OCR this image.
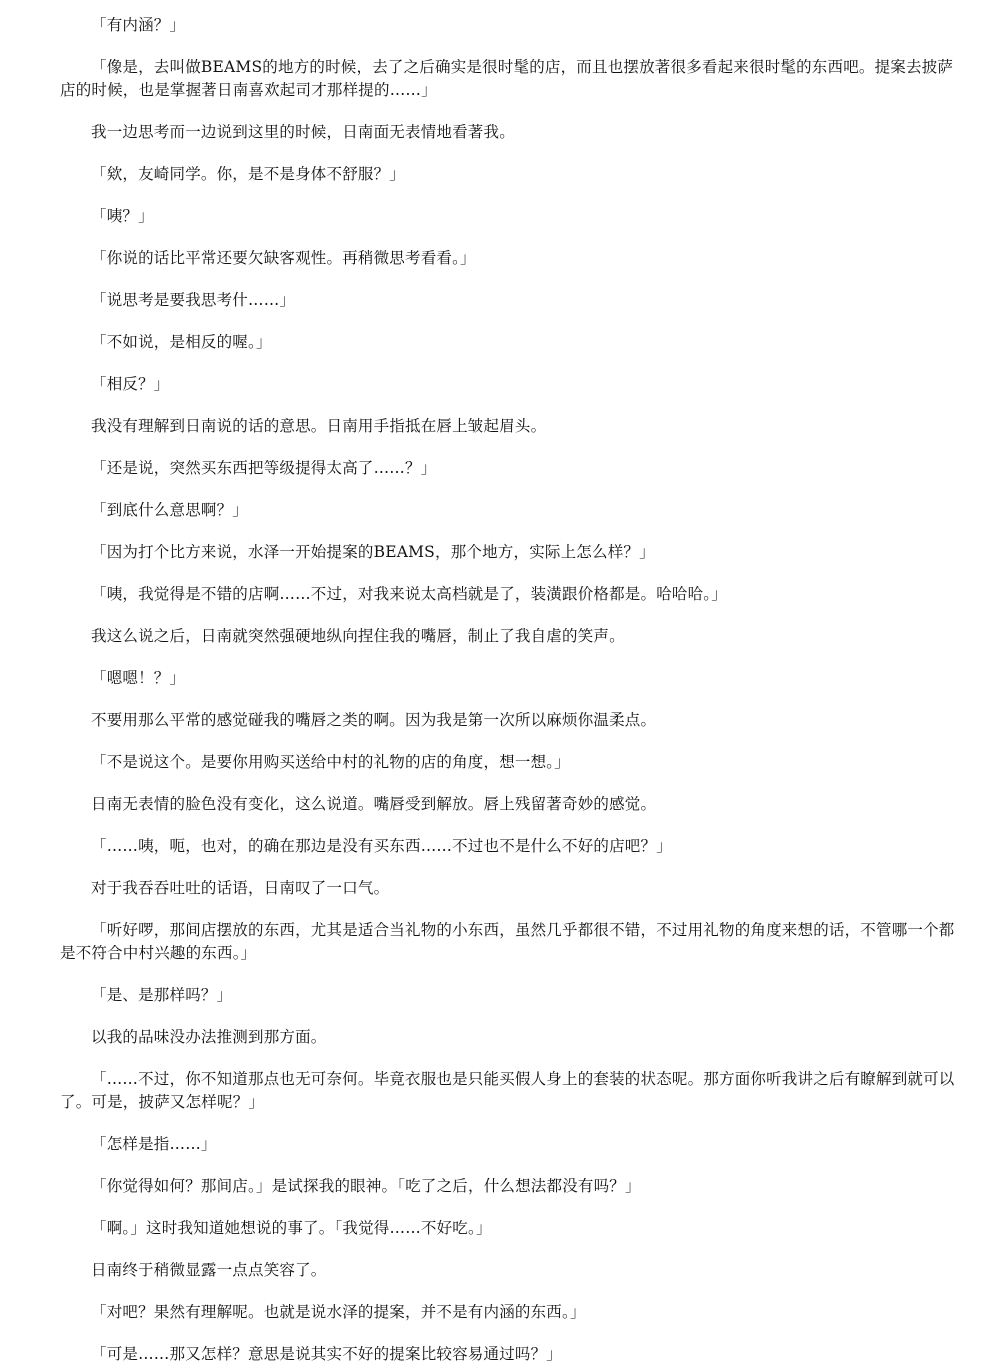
「有内涵？」

「像是，去叫做BEAMS的地方的时候，去了之后确实是很时髦的店，而且也摆放著很多看起来很时髦的东西吧。提案去披萨店的时候，也是掌握著日南喜欢起司才那样提的……」

我一边思考而一边说到这里的时候，日南面无表情地看著我。

「欸，友崎同学。你，是不是身体不舒服？」

「咦？」

「你说的话比平常还要欠缺客观性。再稍微思考看看。」

「说思考是要我思考什……」

「不如说，是相反的喔。」

「相反？」

我没有理解到日南说的话的意思。日南用手指抵在唇上皱起眉头。

「还是说，突然买东西把等级提得太高了……？」

「到底什么意思啊？」

「因为打个比方来说，水泽一开始提案的BEAMS，那个地方，实际上怎么样？」

「咦，我觉得是不错的店啊……不过，对我来说太高档就是了，装潢跟价格都是。哈哈哈。」

我这么说之后，日南就突然强硬地纵向捏住我的嘴唇，制止了我自虐的笑声。

「嗯嗯！？」

不要用那么平常的感觉碰我的嘴唇之类的啊。因为我是第一次所以麻烦你温柔点。

「不是说这个。是要你用购买送给中村的礼物的店的角度，想一想。」

日南无表情的脸色没有变化，这么说道。嘴唇受到解放。唇上残留著奇妙的感觉。

「……咦，呃，也对，的确在那边是没有买东西……不过也不是什么不好的店吧？」

对于我吞吞吐吐的话语，日南叹了一口气。

「听好啰，那间店摆放的东西，尤其是适合当礼物的小东西，虽然几乎都很不错，不过用礼物的角度来想的话，不管哪一个都是不符合中村兴趣的东西。」

「是、是那样吗？」

以我的品味没办法推测到那方面。

「……不过，你不知道那点也无可奈何。毕竟衣服也是只能买假人身上的套装的状态呢。那方面你听我讲之后有瞭解到就可以了。可是，披萨又怎样呢？」

「怎样是指……」

「你觉得如何？那间店。」是试探我的眼神。「吃了之后，什么想法都没有吗？」

「啊。」这时我知道她想说的事了。「我觉得……不好吃。」

日南终于稍微显露一点点笑容了。

「对吧？果然有理解呢。也就是说水泽的提案，并不是有内涵的东西。」

「可是……那又怎样？意思是说其实不好的提案比较容易通过吗？」
